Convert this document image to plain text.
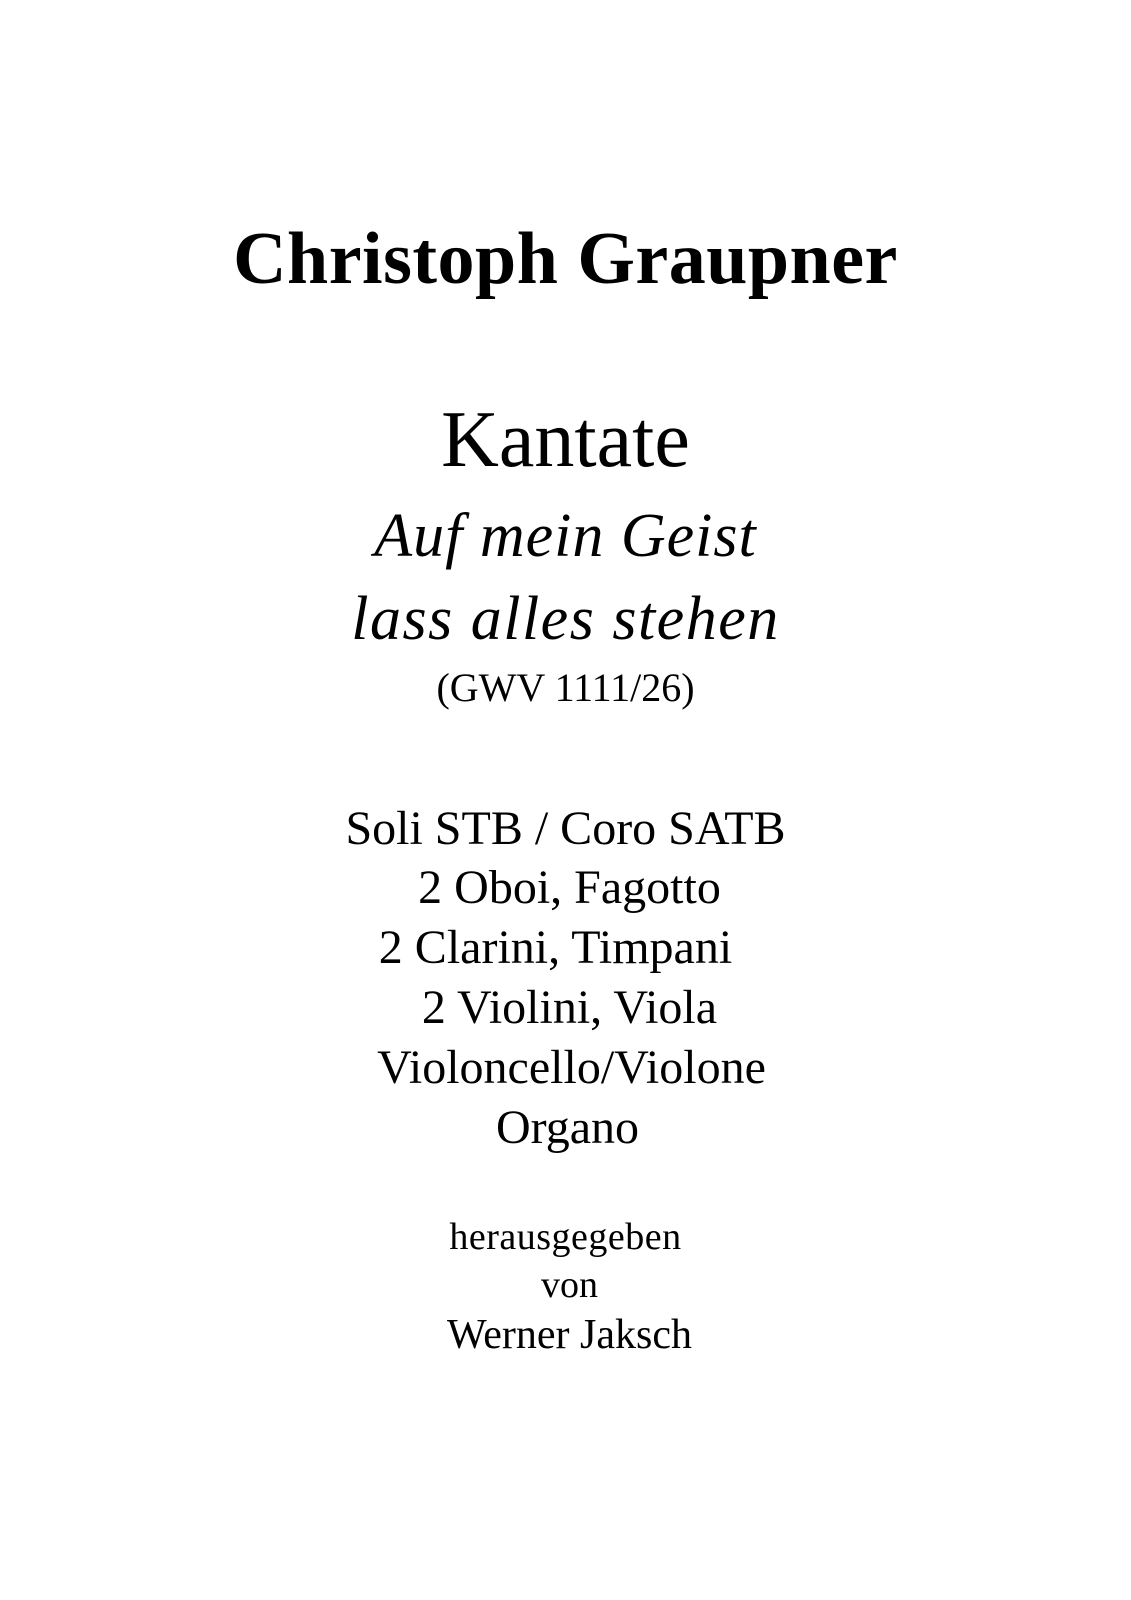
Christoph Graupner
Kantate
Auf mein Geist
lass alles stehen
(GWV 1111/26)
Soli STB / Coro SATB
2 Oboi, Fagotto
2 Clarini, Timpani
2 Violini, Viola
Violoncello/Violone
Organo
herausgegeben
von
Werner Jaksch
